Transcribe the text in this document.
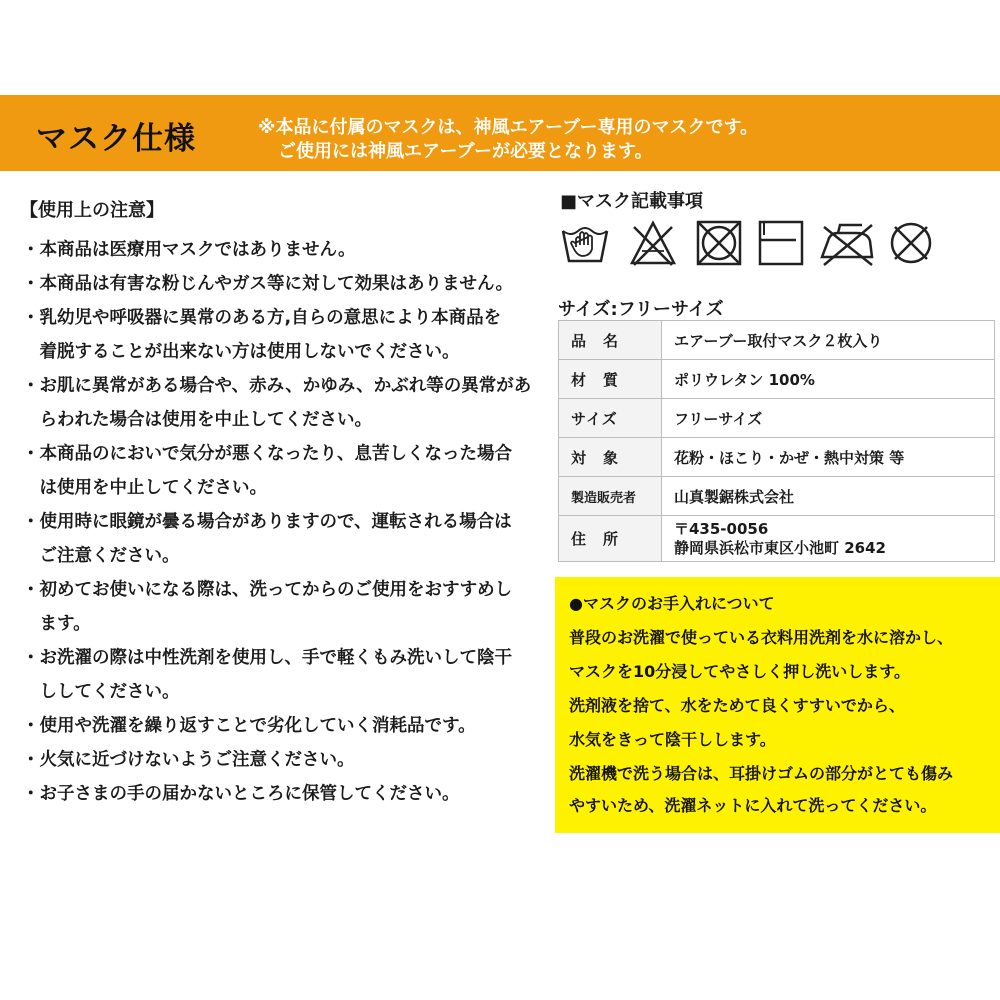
マスク仕様	※本品に付属のマスクは、神風エアーブー専用のマスクです。
ご使用には神風エアーブーが必要となります。
【使用上の注意】
・本商品は医療用マスクではありません。
・本商品は有害な粉じんやガス等に対して効果はありません。
・乳幼児や呼吸器に異常のある方,自らの意思により本商品を
　着脱することが出来ない方は使用しないでください。
・お肌に異常がある場合や、赤み、かゆみ、かぶれ等の異常があ
　らわれた場合は使用を中止してください。
・本商品のにおいで気分が悪くなったり、息苦しくなった場合
　は使用を中止してください。
・使用時に眼鏡が曇る場合がありますので、運転される場合は
　ご注意ください。
・初めてお使いになる際は、洗ってからのご使用をおすすめし
　ます。
・お洗濯の際は中性洗剤を使用し、手で軽くもみ洗いして陰干
　ししてください。
・使用や洗濯を繰り返すことで劣化していく消耗品です。
・火気に近づけないようご注意ください。
・お子さまの手の届かないところに保管してください。
■マスク記載事項
サイズ:フリーサイズ
品　名	エアーブー取付マスク２枚入り
材　質	ポリウレタン 100%
サイズ	フリーサイズ
対　象	花粉・ほこり・かぜ・熱中対策 等
製造販売者	山真製鋸株式会社
住　所	〒435-0056
静岡県浜松市東区小池町 2642
●マスクのお手入れについて
普段のお洗濯で使っている衣料用洗剤を水に溶かし、
マスクを10分浸してやさしく押し洗いします。
洗剤液を捨て、水をためて良くすすいでから、
水気をきって陰干しします。
洗濯機で洗う場合は、耳掛けゴムの部分がとても傷み
やすいため、洗濯ネットに入れて洗ってください。
